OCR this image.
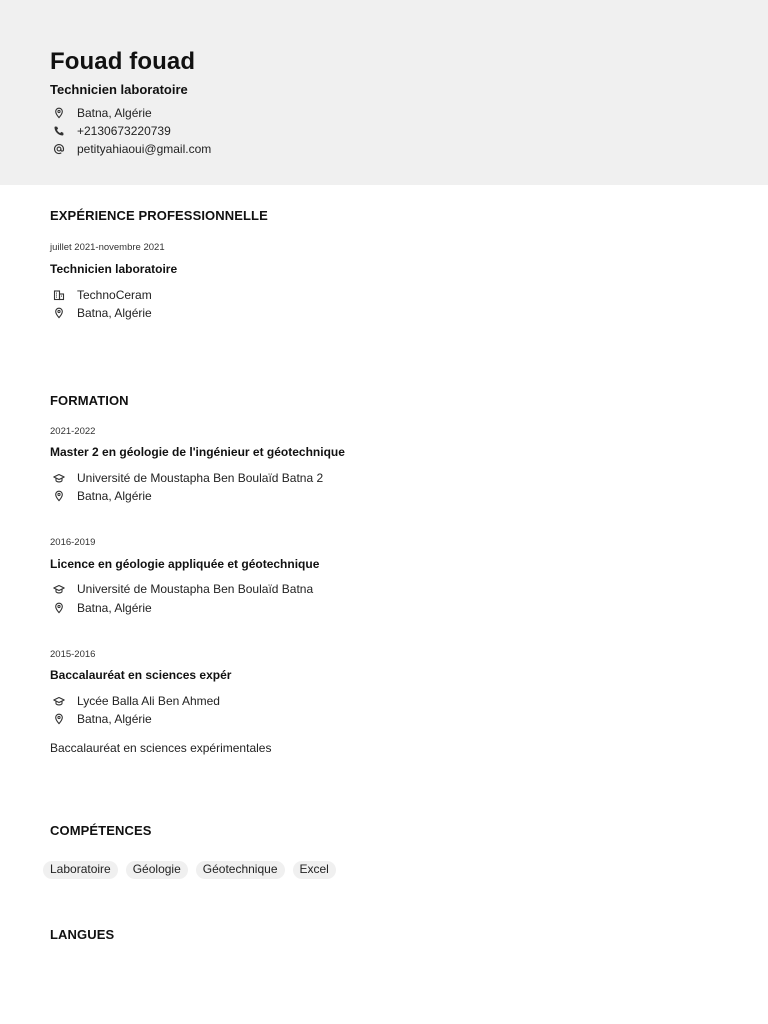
Fouad fouad
Technicien laboratoire
Batna, Algérie
+2130673220739
petityahiaoui@gmail.com
EXPÉRIENCE PROFESSIONNELLE
juillet 2021-novembre 2021
Technicien laboratoire
TechnoCeram
Batna, Algérie
FORMATION
2021-2022
Master 2 en géologie de l'ingénieur et géotechnique
Université de Moustapha Ben Boulaïd Batna 2
Batna, Algérie
2016-2019
Licence en géologie appliquée et géotechnique
Université de Moustapha Ben Boulaïd Batna
Batna, Algérie
2015-2016
Baccalauréat en sciences expér
Lycée Balla Ali Ben Ahmed
Batna, Algérie
Baccalauréat en sciences expérimentales
COMPÉTENCES
Laboratoire	Géologie	Géotechnique	Excel
LANGUES
